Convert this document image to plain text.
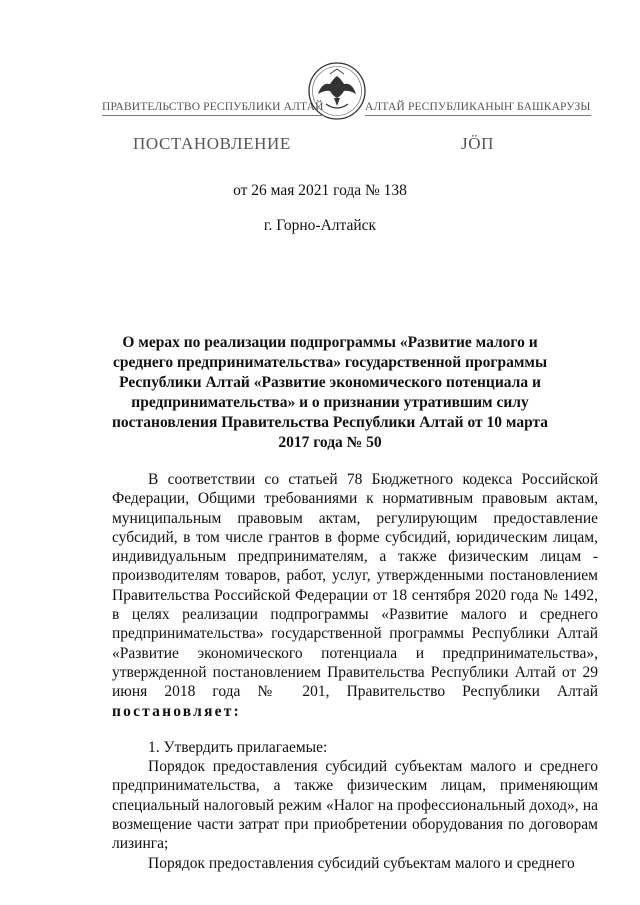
ПРАВИТЕЛЬСТВО РЕСПУБЛИКИ АЛТАЙ	АЛТАЙ РЕСПУБЛИКАНЫҤ БАШКАРУЗЫ
ПОСТАНОВЛЕНИЕ	ЈӦП
от 26 мая 2021 года № 138
г. Горно-Алтайск

О мерах по реализации подпрограммы «Развитие малого и среднего предпринимательства» государственной программы Республики Алтай «Развитие экономического потенциала и предпринимательства» и о признании утратившим силу постановления Правительства Республики Алтай от 10 марта 2017 года № 50

В соответствии со статьей 78 Бюджетного кодекса Российской Федерации, Общими требованиями к нормативным правовым актам, муниципальным правовым актам, регулирующим предоставление субсидий, в том числе грантов в форме субсидий, юридическим лицам, индивидуальным предпринимателям, а также физическим лицам - производителям товаров, работ, услуг, утвержденными постановлением Правительства Российской Федерации от 18 сентября 2020 года № 1492, в целях реализации подпрограммы «Развитие малого и среднего предпринимательства» государственной программы Республики Алтай «Развитие экономического потенциала и предпринимательства», утвержденной постановлением Правительства Республики Алтай от 29 июня 2018 года № 201, Правительство Республики Алтай постановляет:

1. Утвердить прилагаемые:

Порядок предоставления субсидий субъектам малого и среднего предпринимательства, а также физическим лицам, применяющим специальный налоговый режим «Налог на профессиональный доход», на возмещение части затрат при приобретении оборудования по договорам лизинга;

Порядок предоставления субсидий субъектам малого и среднего
